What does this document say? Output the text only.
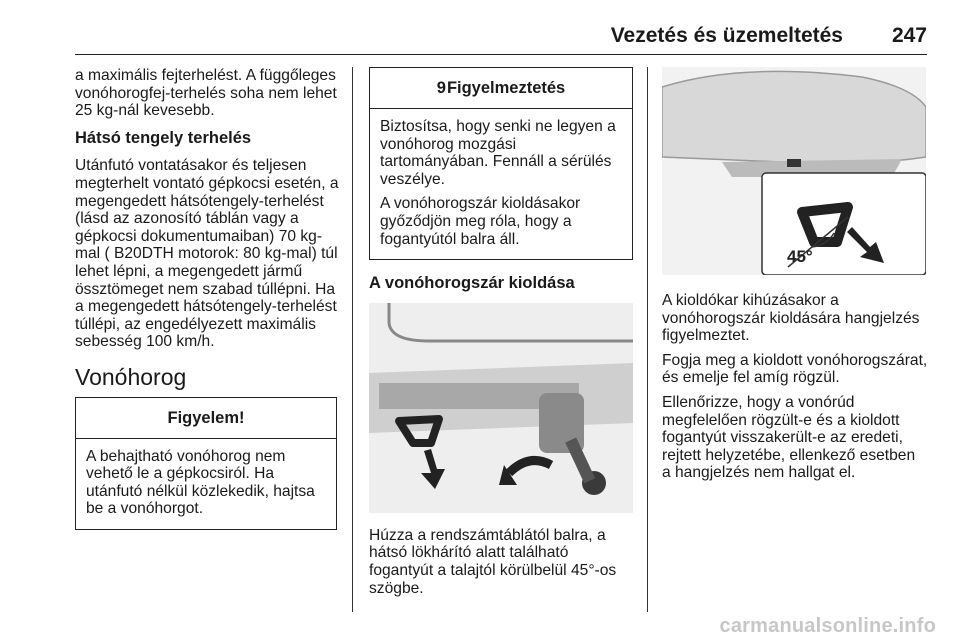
Vezetés és üzemeltetés 247

a maximális fejterhelést. A függőleges vonóhorogfej-terhelés soha nem lehet 25 kg-nál kevesebb.

Hátsó tengely terhelés

Utánfutó vontatásakor és teljesen megterhelt vontató gépkocsi esetén, a megengedett hátsótengely-terhelést (lásd az azonosító táblán vagy a gépkocsi dokumentumaiban) 70 kg-mal ( B20DTH motorok: 80 kg-mal) túl lehet lépni, a megengedett jármű össztömeget nem szabad túllépni. Ha a megengedett hátsótengely-terhelést túllépi, az engedélyezett maximális sebesség 100 km/h.

Vonóhorog
Figyelem!

A behajtható vonóhorog nem vehető le a gépkocsiról. Ha utánfutó nélkül közlekedik, hajtsa be a vonóhorgot.

9Figyelmeztetés

Biztosítsa, hogy senki ne legyen a vonóhorog mozgási tartományában. Fennáll a sérülés veszélye.

A vonóhorogszár kioldásakor győződjön meg róla, hogy a fogantyútól balra áll.

A vonóhorogszár kioldása

Húzza a rendszámtáblától balra, a hátsó lökhárító alatt található fogantyút a talajtól körülbelül 45°-os szögbe.

45°

A kioldókar kihúzásakor a vonóhorogszár kioldására hangjelzés figyelmeztet.

Fogja meg a kioldott vonóhorogszárat, és emelje fel amíg rögzül.

Ellenőrizze, hogy a vonórúd megfelelően rögzült-e és a kioldott fogantyút visszakerült-e az eredeti, rejtett helyzetébe, ellenkező esetben a hangjelzés nem hallgat el.

carmanualsonline.info
